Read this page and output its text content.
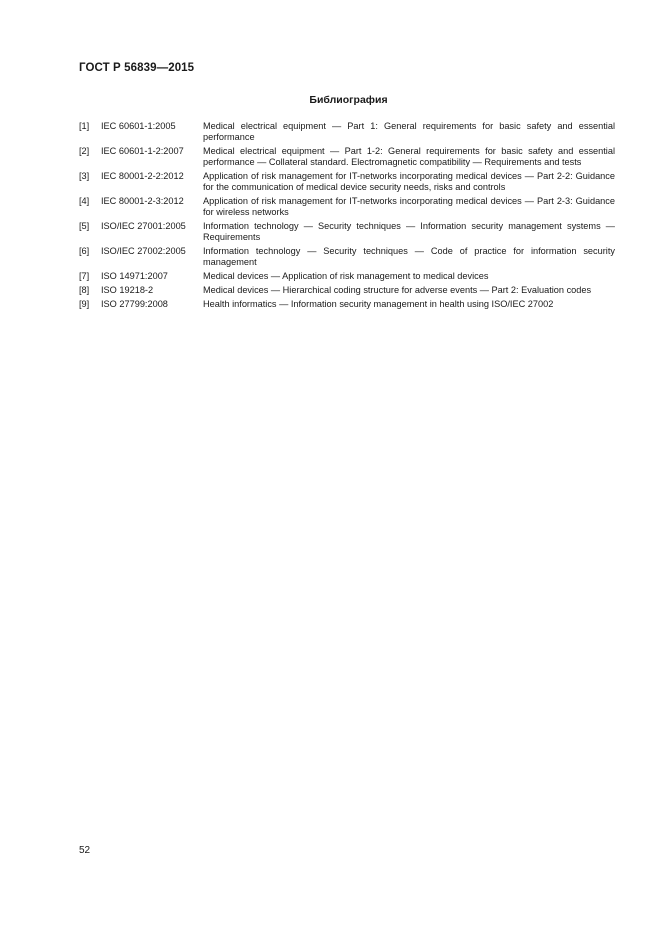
ГОСТ Р 56839—2015
Библиография
[1]	IEC 60601-1:2005	Medical electrical equipment — Part 1: General requirements for basic safety and essential performance
[2]	IEC 60601-1-2:2007	Medical electrical equipment — Part 1-2: General requirements for basic safety and essential performance — Collateral standard. Electromagnetic compatibility — Requirements and tests
[3]	IEC 80001-2-2:2012	Application of risk management for IT-networks incorporating medical devices — Part 2-2: Guidance for the communication of medical device security needs, risks and controls
[4]	IEC 80001-2-3:2012	Application of risk management for IT-networks incorporating medical devices — Part 2-3: Guidance for wireless networks
[5]	ISO/IEC 27001:2005	Information technology — Security techniques — Information security management systems — Requirements
[6]	ISO/IEC 27002:2005	Information technology — Security techniques — Code of practice for information security management
[7]	ISO 14971:2007	Medical devices — Application of risk management to medical devices
[8]	ISO 19218-2	Medical devices — Hierarchical coding structure for adverse events — Part 2: Evaluation codes
[9]	ISO 27799:2008	Health informatics — Information security management in health using ISO/IEC 27002
52
